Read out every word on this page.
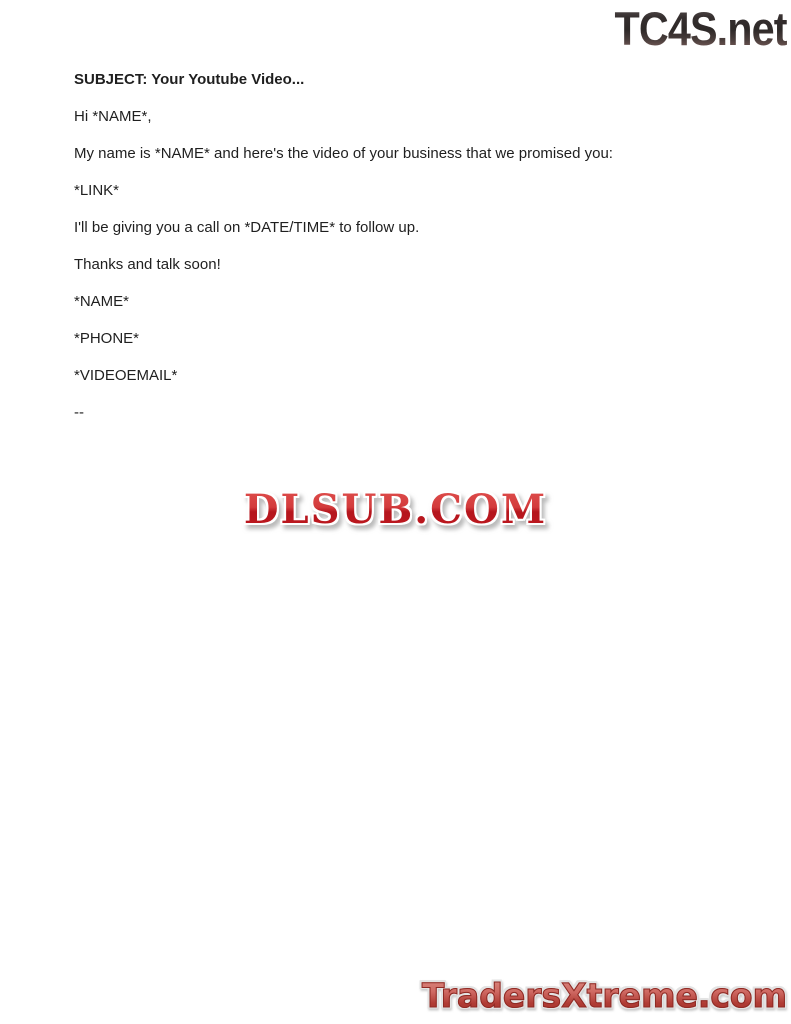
TC4S.net

SUBJECT: Your Youtube Video...

Hi *NAME*,

My name is *NAME* and here's the video of your business that we promised you:

*LINK*

I'll be giving you a call on *DATE/TIME* to follow up.

Thanks and talk soon!

*NAME*

*PHONE*

*VIDEOEMAIL*

--

DLSUB.COM
TradersXtreme.com
